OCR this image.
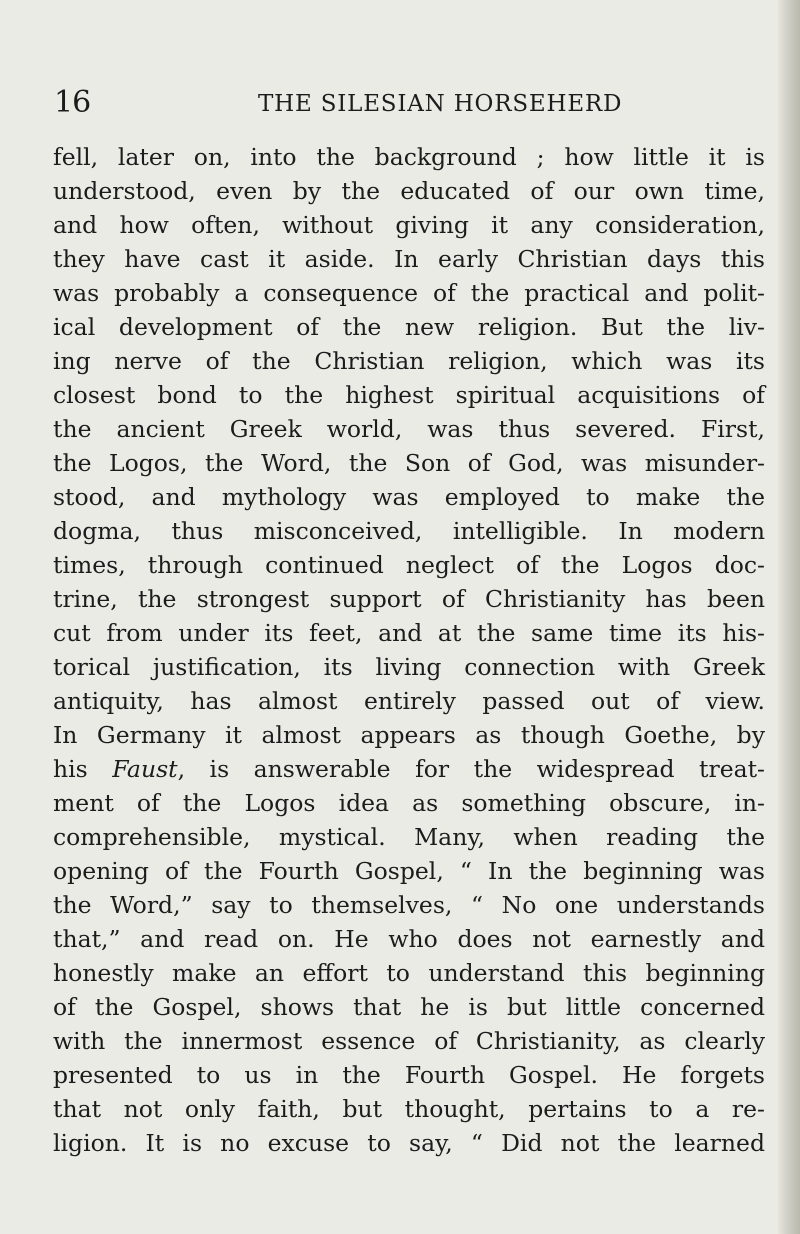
16	THE SILESIAN HORSEHERD
fell, later on, into the background ; how little it is
understood, even by the educated of our own time,
and how often, without giving it any consideration,
they have cast it aside. In early Christian days this
was probably a consequence of the practical and polit-
ical development of the new religion. But the liv-
ing nerve of the Christian religion, which was its
closest bond to the highest spiritual acquisitions of
the ancient Greek world, was thus severed. First,
the Logos, the Word, the Son of God, was misunder-
stood, and mythology was employed to make the
dogma, thus misconceived, intelligible. In modern
times, through continued neglect of the Logos doc-
trine, the strongest support of Christianity has been
cut from under its feet, and at the same time its his-
torical justification, its living connection with Greek
antiquity, has almost entirely passed out of view.
In Germany it almost appears as though Goethe, by
his Faust, is answerable for the widespread treat-
ment of the Logos idea as something obscure, in-
comprehensible, mystical. Many, when reading the
opening of the Fourth Gospel, “ In the beginning was
the Word,” say to themselves, “ No one understands
that,” and read on. He who does not earnestly and
honestly make an effort to understand this beginning
of the Gospel, shows that he is but little concerned
with the innermost essence of Christianity, as clearly
presented to us in the Fourth Gospel. He forgets
that not only faith, but thought, pertains to a re-
ligion. It is no excuse to say, “ Did not the learned
